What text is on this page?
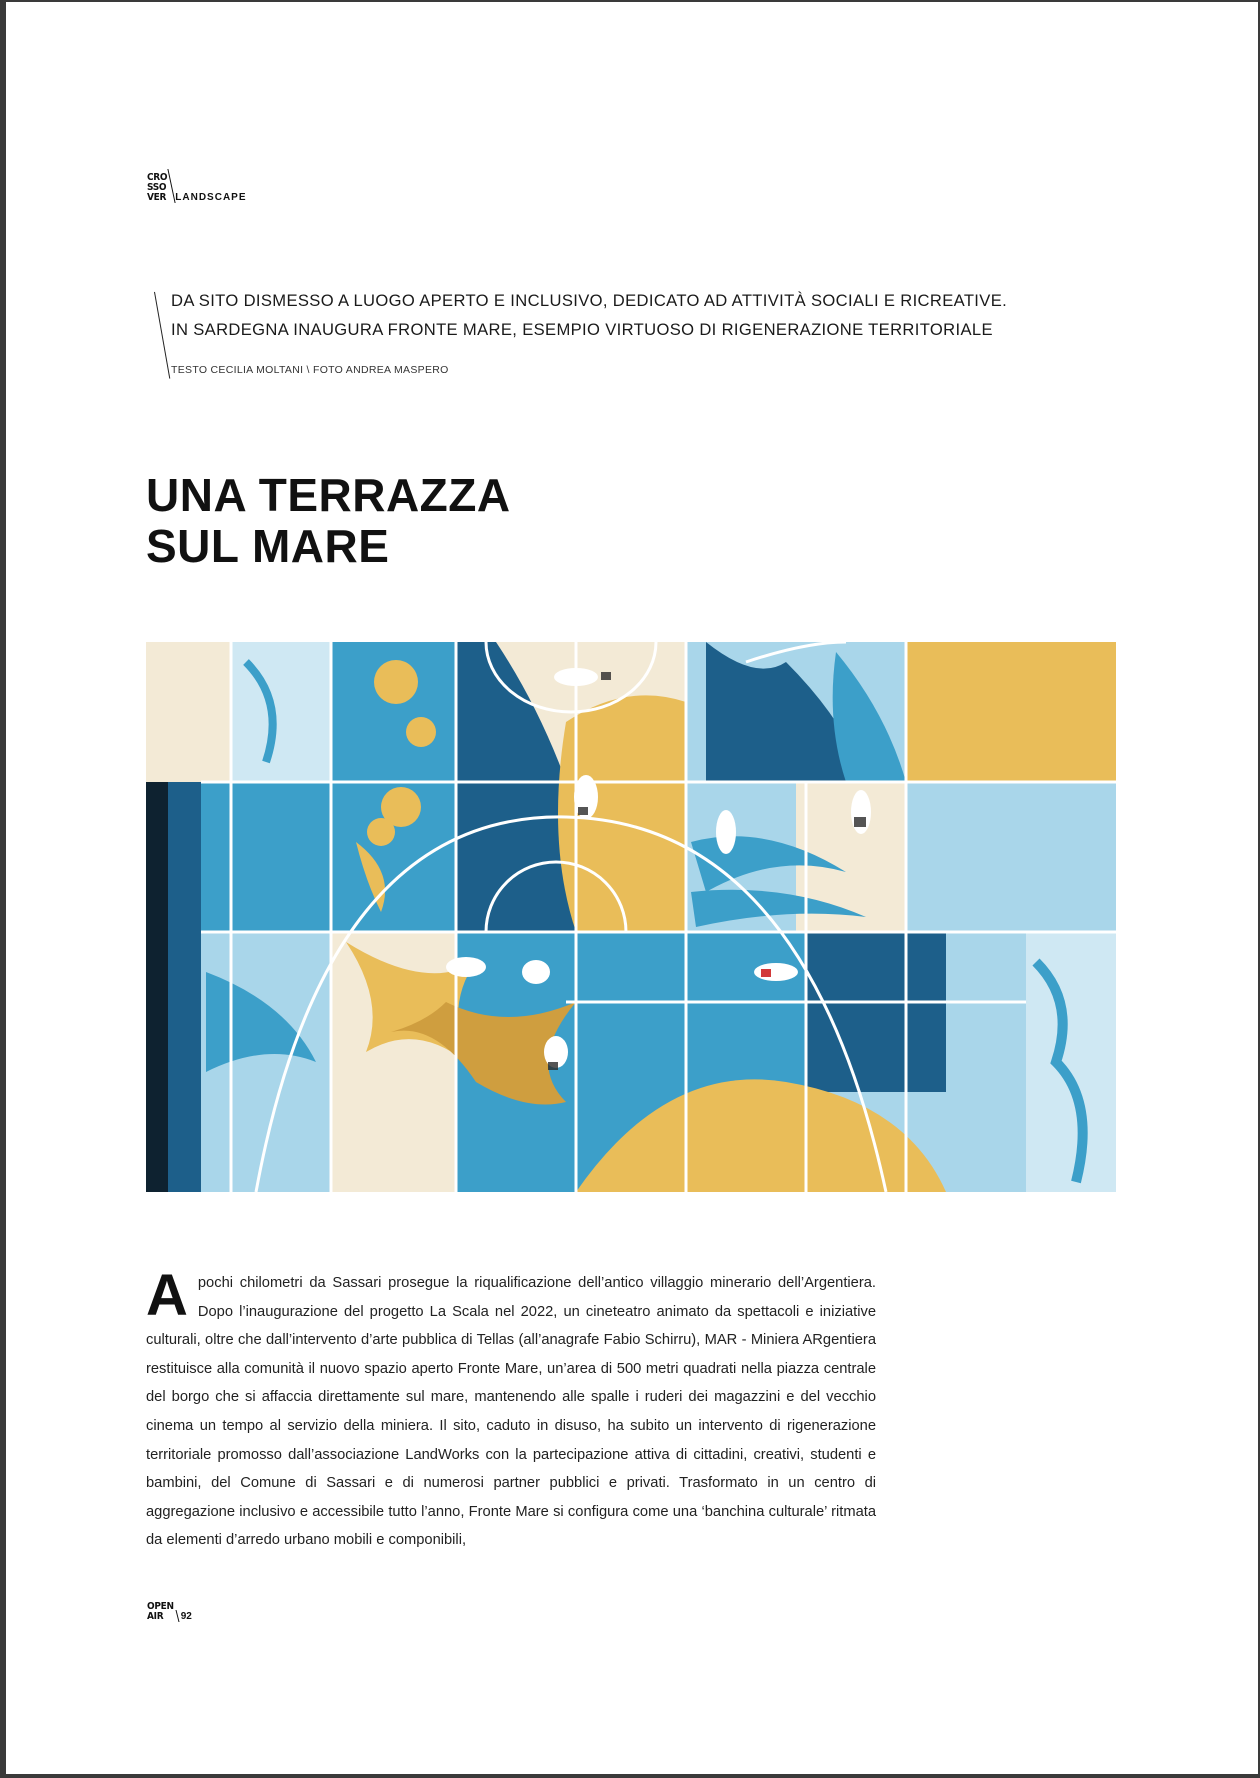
CRO
SSO
VER LANDSCAPE

DA SITO DISMESSO A LUOGO APERTO E INCLUSIVO, DEDICATO AD ATTIVITÀ SOCIALI E RICREATIVE.

IN SARDEGNA INAUGURA FRONTE MARE, ESEMPIO VIRTUOSO DI RIGENERAZIONE TERRITORIALE

TESTO CECILIA MOLTANI \ FOTO ANDREA MASPERO
UNA TERRAZZA
SUL MARE
A pochi chilometri da Sassari prosegue la riqualificazione dell’antico villaggio minerario dell’Argentiera. Dopo l’inaugurazione del progetto La Scala nel 2022, un cineteatro animato da spettacoli e iniziative culturali, oltre che dall’intervento d’arte pubblica di Tellas (all’anagrafe Fabio Schirru), MAR - Miniera ARgentiera restituisce alla comunità il nuovo spazio aperto Fronte Mare, un’area di 500 metri quadrati nella piazza centrale del borgo che si affaccia direttamente sul mare, mantenendo alle spalle i ruderi dei magazzini e del vecchio cinema un tempo al servizio della miniera. Il sito, caduto in disuso, ha subito un intervento di rigenerazione territoriale promosso dall’associazione LandWorks con la partecipazione attiva di cittadini, creativi, studenti e bambini, del Comune di Sassari e di numerosi partner pubblici e privati. Trasformato in un centro di aggregazione inclusivo e accessibile tutto l’anno, Fronte Mare si configura come una ‘banchina culturale’ ritmata da elementi d’arredo urbano mobili e componibili,

OPEN
AIR	92
